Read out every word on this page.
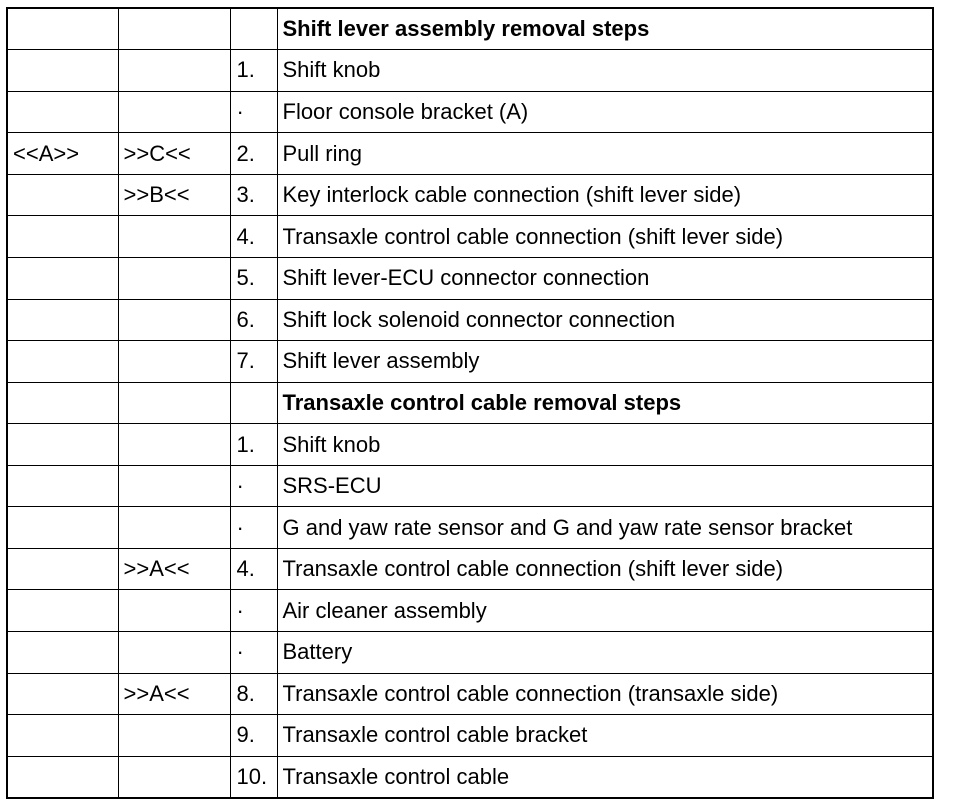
			Shift lever assembly removal steps
		1.	Shift knob
		·	Floor console bracket (A)
<<A>>	>>C<<	2.	Pull ring
	>>B<<	3.	Key interlock cable connection (shift lever side)
		4.	Transaxle control cable connection (shift lever side)
		5.	Shift lever-ECU connector connection
		6.	Shift lock solenoid connector connection
		7.	Shift lever assembly
			Transaxle control cable removal steps
		1.	Shift knob
		·	SRS-ECU
		·	G and yaw rate sensor and G and yaw rate sensor bracket
	>>A<<	4.	Transaxle control cable connection (shift lever side)
		·	Air cleaner assembly
		·	Battery
	>>A<<	8.	Transaxle control cable connection (transaxle side)
		9.	Transaxle control cable bracket
		10.	Transaxle control cable
